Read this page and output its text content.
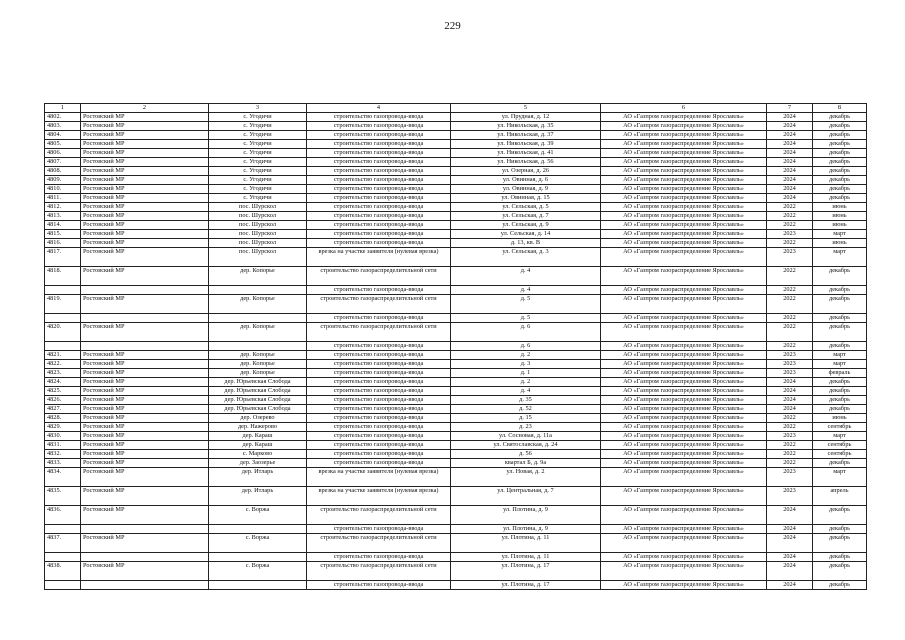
229
1	2	3	4	5	6	7	8
4802.	Ростовский МР	с. Угодичи	строительство газопровода-ввода	ул. Прудная, д. 12	АО «Газпром газораспределение Ярославль»	2024	декабрь
4803.	Ростовский МР	с. Угодичи	строительство газопровода-ввода	ул. Никольская, д. 35	АО «Газпром газораспределение Ярославль»	2024	декабрь
4804.	Ростовский МР	с. Угодичи	строительство газопровода-ввода	ул. Никольская, д. 37	АО «Газпром газораспределение Ярославль»	2024	декабрь
4805.	Ростовский МР	с. Угодичи	строительство газопровода-ввода	ул. Никольская, д. 39	АО «Газпром газораспределение Ярославль»	2024	декабрь
4806.	Ростовский МР	с. Угодичи	строительство газопровода-ввода	ул. Никольская, д. 41	АО «Газпром газораспределение Ярославль»	2024	декабрь
4807.	Ростовский МР	с. Угодичи	строительство газопровода-ввода	ул. Никольская, д. 56	АО «Газпром газораспределение Ярославль»	2024	декабрь
4808.	Ростовский МР	с. Угодичи	строительство газопровода-ввода	ул. Озерная, д. 26	АО «Газпром газораспределение Ярославль»	2024	декабрь
4809.	Ростовский МР	с. Угодичи	строительство газопровода-ввода	ул. Овинная, д. 6	АО «Газпром газораспределение Ярославль»	2024	декабрь
4810.	Ростовский МР	с. Угодичи	строительство газопровода-ввода	ул. Овинная, д. 9	АО «Газпром газораспределение Ярославль»	2024	декабрь
4811.	Ростовский МР	с. Угодичи	строительство газопровода-ввода	ул. Овинная, д. 15	АО «Газпром газораспределение Ярославль»	2024	декабрь
4812.	Ростовский МР	пос. Шурскол	строительство газопровода-ввода	ул. Сельская, д. 5	АО «Газпром газораспределение Ярославль»	2022	июнь
4813.	Ростовский МР	пос. Шурскол	строительство газопровода-ввода	ул. Сельская, д. 7	АО «Газпром газораспределение Ярославль»	2022	июнь
4814.	Ростовский МР	пос. Шурскол	строительство газопровода-ввода	ул. Сельская, д. 9	АО «Газпром газораспределение Ярославль»	2022	июнь
4815.	Ростовский МР	пос. Шурскол	строительство газопровода-ввода	ул. Сельская, д. 14	АО «Газпром газораспределение Ярославль»	2023	март
4816.	Ростовский МР	пос. Шурскол	строительство газопровода-ввода	д. 13, кв. В	АО «Газпром газораспределение Ярославль»	2022	июнь
4817.	Ростовский МР	пос. Шурскол	врезка на участке заявителя (нулевая врезка)	ул. Сельская, д. 3	АО «Газпром газораспределение Ярославль»	2023	март
4818.	Ростовский МР	дер. Копорье	строительство газораспределительной сети	д. 4	АО «Газпром газораспределение Ярославль»	2022	декабрь
			строительство газопровода-ввода	д. 4	АО «Газпром газораспределение Ярославль»	2022	декабрь
4819.	Ростовский МР	дер. Копорье	строительство газораспределительной сети	д. 5	АО «Газпром газораспределение Ярославль»	2022	декабрь
			строительство газопровода-ввода	д. 5	АО «Газпром газораспределение Ярославль»	2022	декабрь
4820.	Ростовский МР	дер. Копорье	строительство газораспределительной сети	д. 6	АО «Газпром газораспределение Ярославль»	2022	декабрь
			строительство газопровода-ввода	д. 6	АО «Газпром газораспределение Ярославль»	2022	декабрь
4821.	Ростовский МР	дер. Копорье	строительство газопровода-ввода	д. 2	АО «Газпром газораспределение Ярославль»	2023	март
4822.	Ростовский МР	дер. Копорье	строительство газопровода-ввода	д. 3	АО «Газпром газораспределение Ярославль»	2023	март
4823.	Ростовский МР	дер. Копорье	строительство газопровода-ввода	д. 1	АО «Газпром газораспределение Ярославль»	2023	февраль
4824.	Ростовский МР	дер. Юрьевская Слобода	строительство газопровода-ввода	д. 2	АО «Газпром газораспределение Ярославль»	2024	декабрь
4825.	Ростовский МР	дер. Юрьевская Слобода	строительство газопровода-ввода	д. 4	АО «Газпром газораспределение Ярославль»	2024	декабрь
4826.	Ростовский МР	дер. Юрьевская Слобода	строительство газопровода-ввода	д. 35	АО «Газпром газораспределение Ярославль»	2024	декабрь
4827.	Ростовский МР	дер. Юрьевская Слобода	строительство газопровода-ввода	д. 52	АО «Газпром газораспределение Ярославль»	2024	декабрь
4828.	Ростовский МР	дер. Озерево	строительство газопровода-ввода	д. 15	АО «Газпром газораспределение Ярославль»	2022	июнь
4829.	Ростовский МР	дер. Нажерово	строительство газопровода-ввода	д. 23	АО «Газпром газораспределение Ярославль»	2022	сентябрь
4830.	Ростовский МР	дер. Караш	строительство газопровода-ввода	ул. Сосновая, д. 11а	АО «Газпром газораспределение Ярославль»	2023	март
4831.	Ростовский МР	дер. Караш	строительство газопровода-ввода	ул. Святославская, д. 24	АО «Газпром газораспределение Ярославль»	2022	сентябрь
4832.	Ростовский МР	с. Марково	строительство газопровода-ввода	д. 56	АО «Газпром газораспределение Ярославль»	2022	сентябрь
4833.	Ростовский МР	дер. Заозерье	строительство газопровода-ввода	квартал Б, д. 9а	АО «Газпром газораспределение Ярославль»	2022	декабрь
4834.	Ростовский МР	дер. Итларь	врезка на участке заявителя (нулевая врезка)	ул. Новая, д. 2	АО «Газпром газораспределение Ярославль»	2023	март
4835.	Ростовский МР	дер. Итларь	врезка на участке заявителя (нулевая врезка)	ул. Центральная, д. 7	АО «Газпром газораспределение Ярославль»	2023	апрель
4836.	Ростовский МР	с. Воржа	строительство газораспределительной сети	ул. Плотина, д. 9	АО «Газпром газораспределение Ярославль»	2024	декабрь
			строительство газопровода-ввода	ул. Плотина, д. 9	АО «Газпром газораспределение Ярославль»	2024	декабрь
4837.	Ростовский МР	с. Воржа	строительство газораспределительной сети	ул. Плотина, д. 11	АО «Газпром газораспределение Ярославль»	2024	декабрь
			строительство газопровода-ввода	ул. Плотина, д. 11	АО «Газпром газораспределение Ярославль»	2024	декабрь
4838.	Ростовский МР	с. Воржа	строительство газораспределительной сети	ул. Плотина, д. 17	АО «Газпром газораспределение Ярославль»	2024	декабрь
			строительство газопровода-ввода	ул. Плотина, д. 17	АО «Газпром газораспределение Ярославль»	2024	декабрь
